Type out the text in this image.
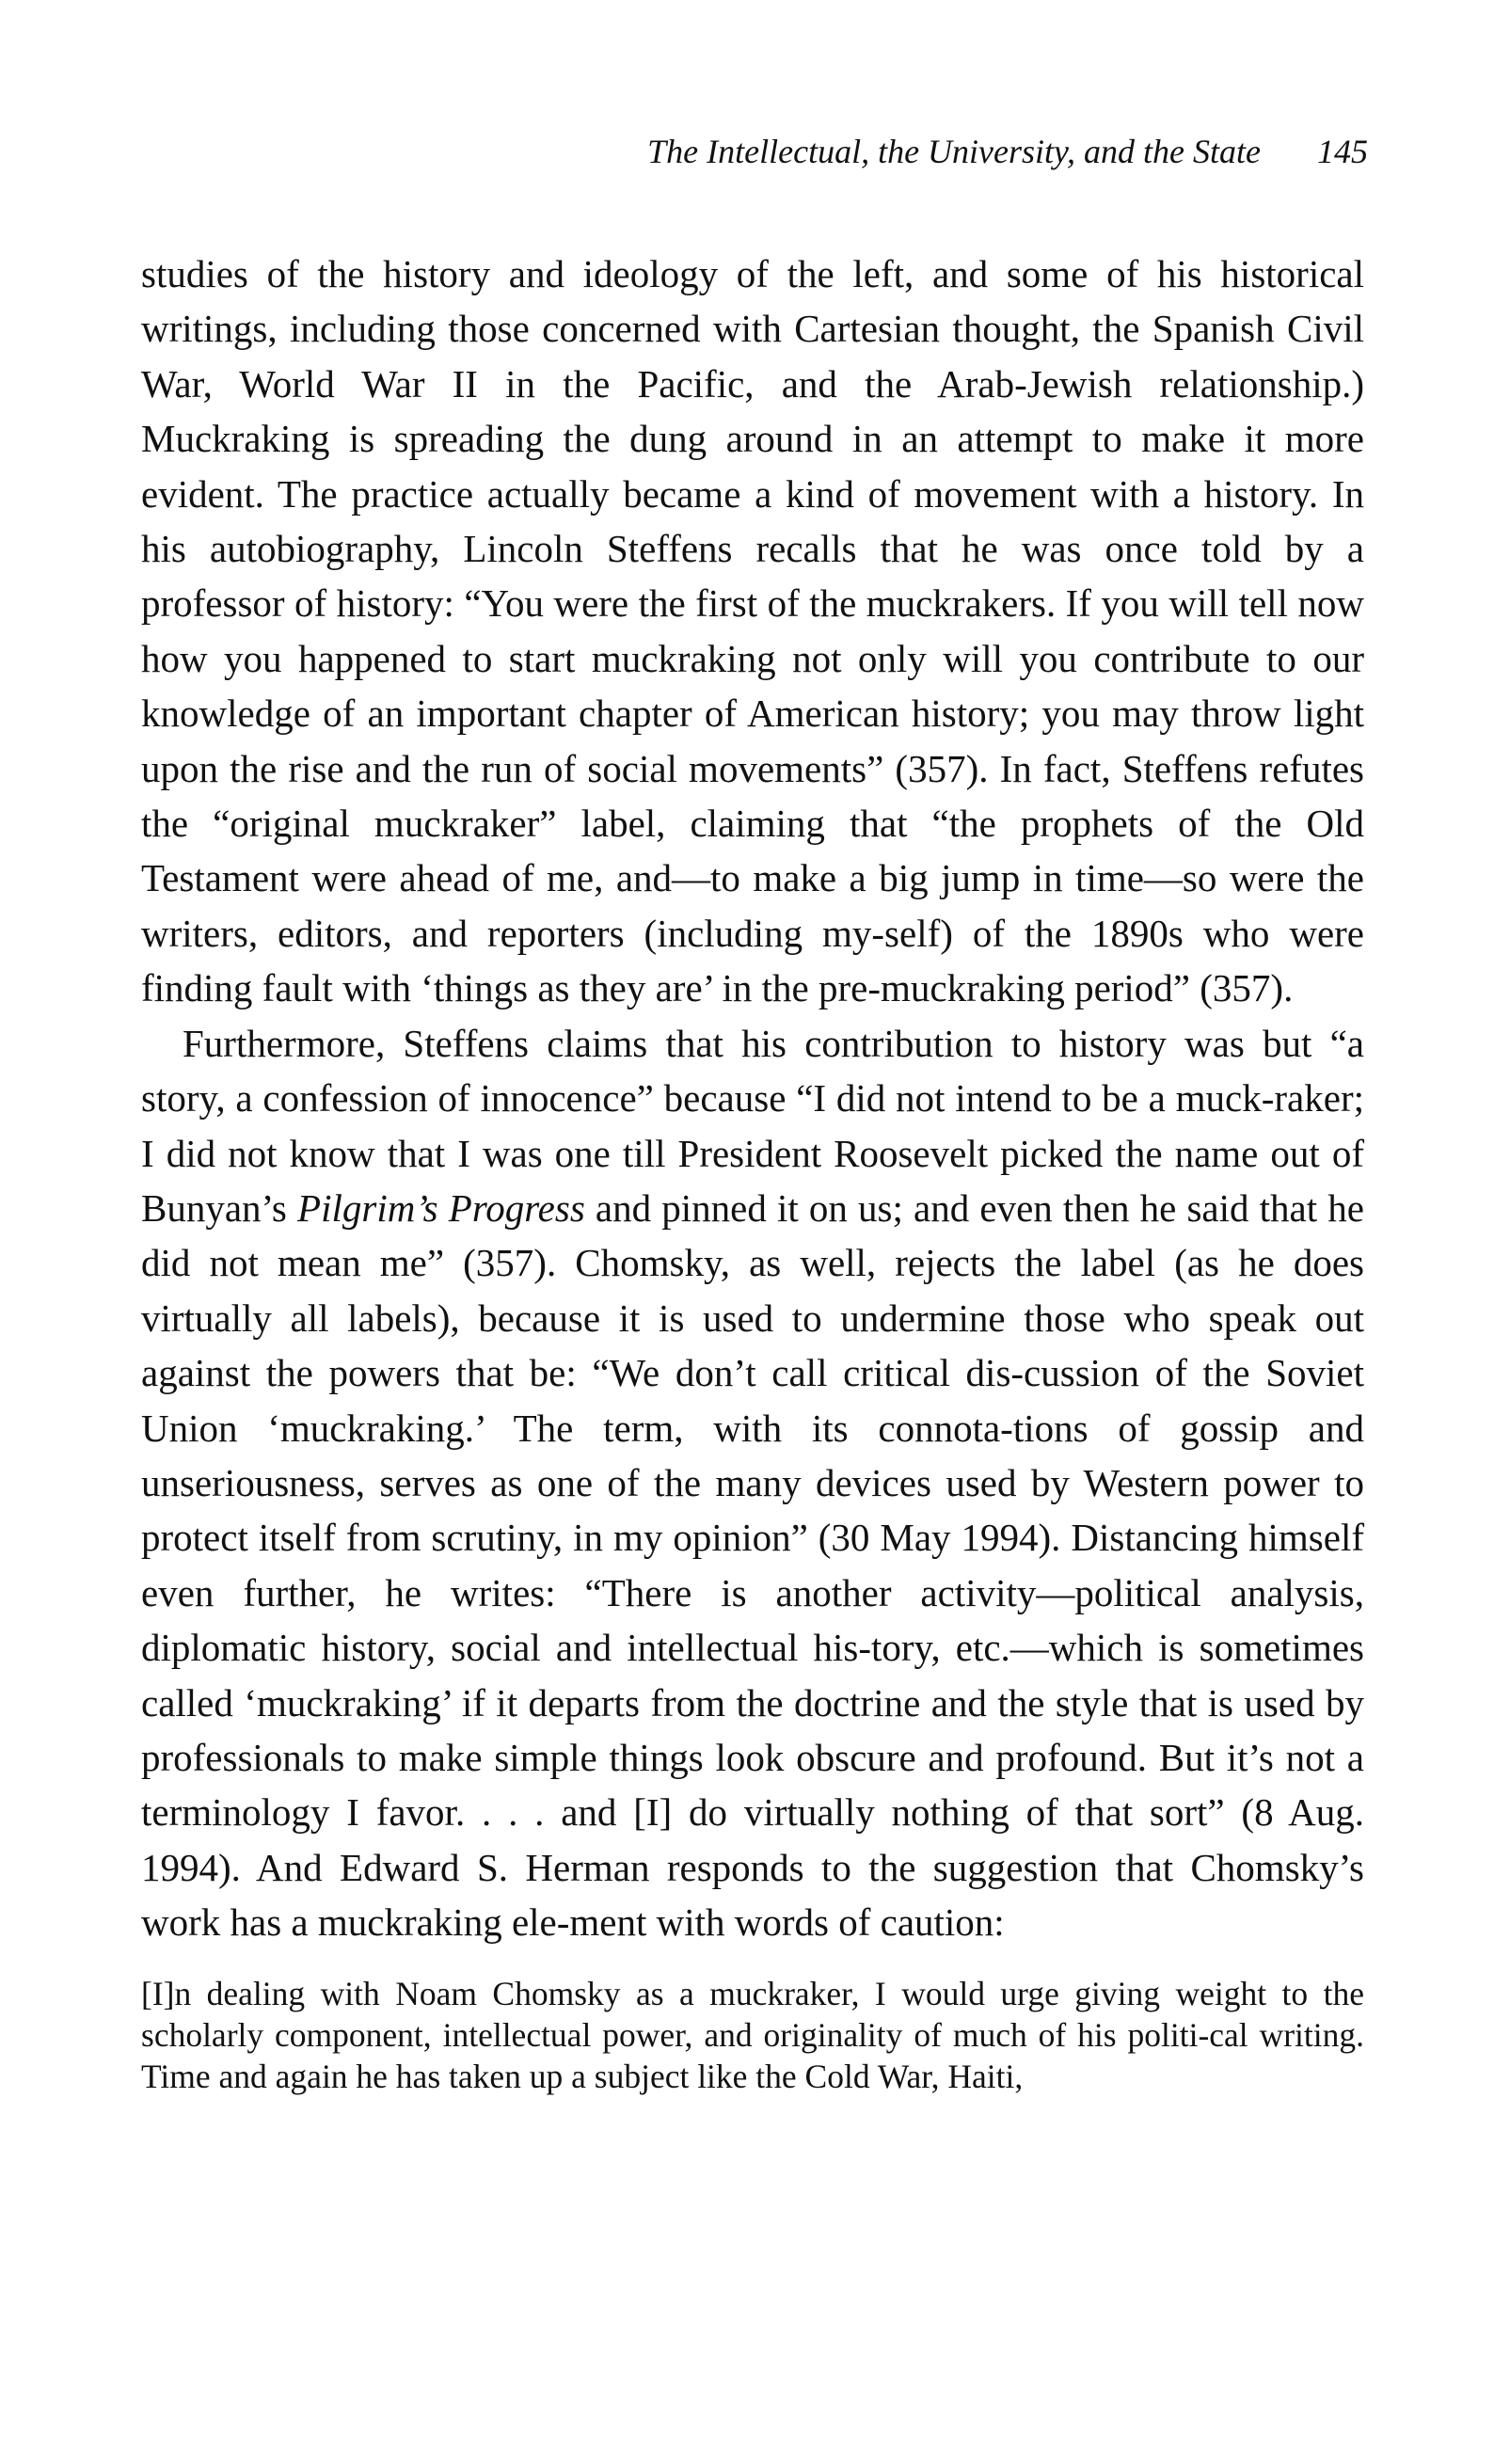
The Intellectual, the University, and the State 145

studies of the history and ideology of the left, and some of his historical writings, including those concerned with Cartesian thought, the Spanish Civil War, World War II in the Pacific, and the Arab-Jewish relationship.) Muckraking is spreading the dung around in an attempt to make it more evident. The practice actually became a kind of movement with a history. In his autobiography, Lincoln Steffens recalls that he was once told by a professor of history: “You were the first of the muckrakers. If you will tell now how you happened to start muckraking not only will you contribute to our knowledge of an important chapter of American history; you may throw light upon the rise and the run of social movements” (357). In fact, Steffens refutes the “original muckraker” label, claiming that “the prophets of the Old Testament were ahead of me, and—to make a big jump in time—so were the writers, editors, and reporters (including my-self) of the 1890s who were finding fault with ‘things as they are’ in the pre-muckraking period” (357).

Furthermore, Steffens claims that his contribution to history was but “a story, a confession of innocence” because “I did not intend to be a muck-raker; I did not know that I was one till President Roosevelt picked the name out of Bunyan’s Pilgrim’s Progress and pinned it on us; and even then he said that he did not mean me” (357). Chomsky, as well, rejects the label (as he does virtually all labels), because it is used to undermine those who speak out against the powers that be: “We don’t call critical dis-cussion of the Soviet Union ‘muckraking.’ The term, with its connota-tions of gossip and unseriousness, serves as one of the many devices used by Western power to protect itself from scrutiny, in my opinion” (30 May 1994). Distancing himself even further, he writes: “There is another activity—political analysis, diplomatic history, social and intellectual his-tory, etc.—which is sometimes called ‘muckraking’ if it departs from the doctrine and the style that is used by professionals to make simple things look obscure and profound. But it’s not a terminology I favor. . . . and [I] do virtually nothing of that sort” (8 Aug. 1994). And Edward S. Herman responds to the suggestion that Chomsky’s work has a muckraking ele-ment with words of caution:

[I]n dealing with Noam Chomsky as a muckraker, I would urge giving weight to the scholarly component, intellectual power, and originality of much of his politi-cal writing. Time and again he has taken up a subject like the Cold War, Haiti,
